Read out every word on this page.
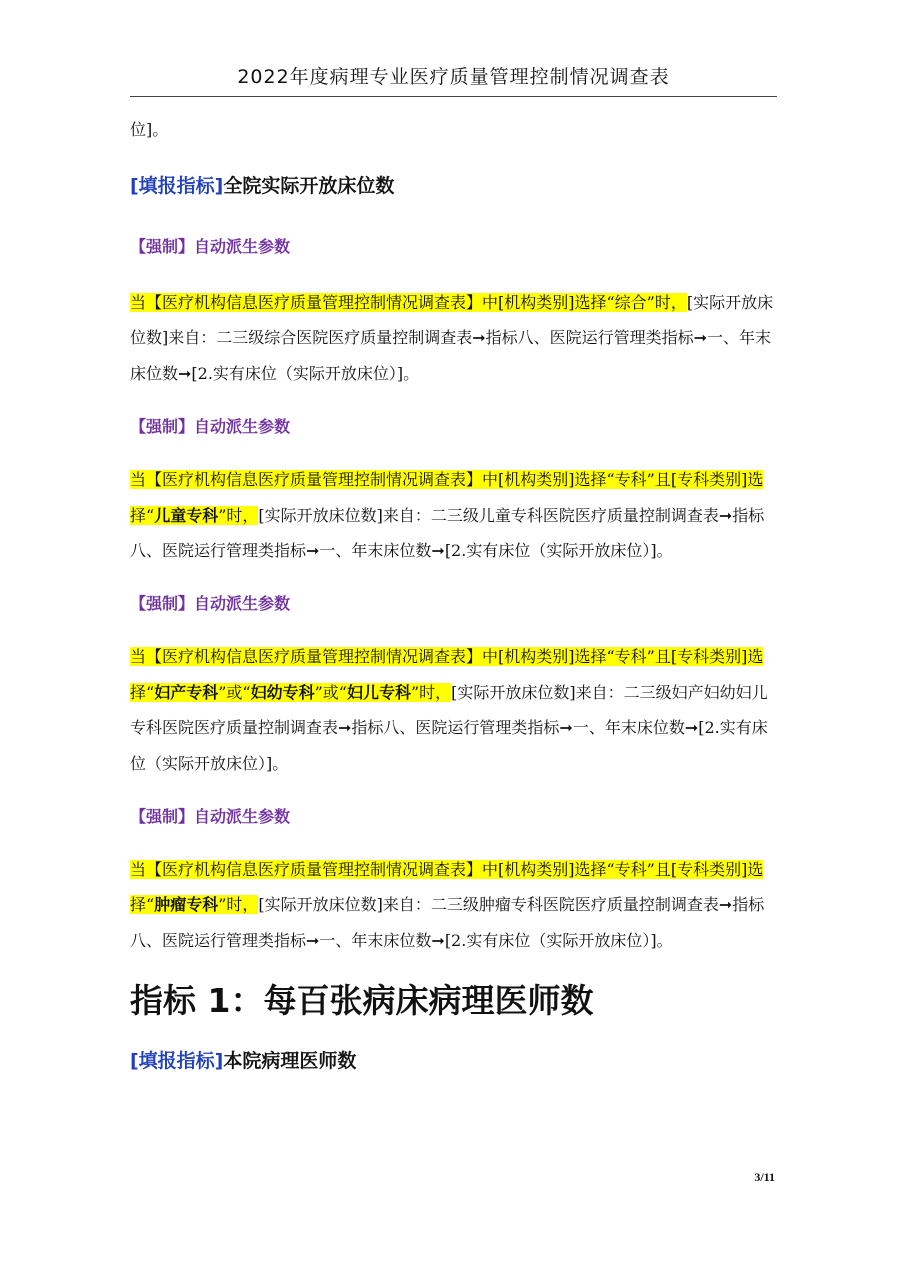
2022年度病理专业医疗质量管理控制情况调查表

位]。

[填报指标]全院实际开放床位数

【强制】自动派生参数

当【医疗机构信息医疗质量管理控制情况调查表】中[机构类别]选择“综合”时，[实际开放床位数]来自：二三级综合医院医疗质量控制调查表➞指标八、医院运行管理类指标➞一、年末床位数➞[2.实有床位（实际开放床位）]。

【强制】自动派生参数

当【医疗机构信息医疗质量管理控制情况调查表】中[机构类别]选择“专科”且[专科类别]选择“儿童专科”时，[实际开放床位数]来自：二三级儿童专科医院医疗质量控制调查表➞指标八、医院运行管理类指标➞一、年末床位数➞[2.实有床位（实际开放床位）]。

【强制】自动派生参数

当【医疗机构信息医疗质量管理控制情况调查表】中[机构类别]选择“专科”且[专科类别]选择“妇产专科”或“妇幼专科”或“妇儿专科”时，[实际开放床位数]来自：二三级妇产妇幼妇儿专科医院医疗质量控制调查表➞指标八、医院运行管理类指标➞一、年末床位数➞[2.实有床位（实际开放床位）]。

【强制】自动派生参数

当【医疗机构信息医疗质量管理控制情况调查表】中[机构类别]选择“专科”且[专科类别]选择“肿瘤专科”时，[实际开放床位数]来自：二三级肿瘤专科医院医疗质量控制调查表➞指标八、医院运行管理类指标➞一、年末床位数➞[2.实有床位（实际开放床位）]。

指标 1：每百张病床病理医师数

[填报指标]本院病理医师数

3/11
